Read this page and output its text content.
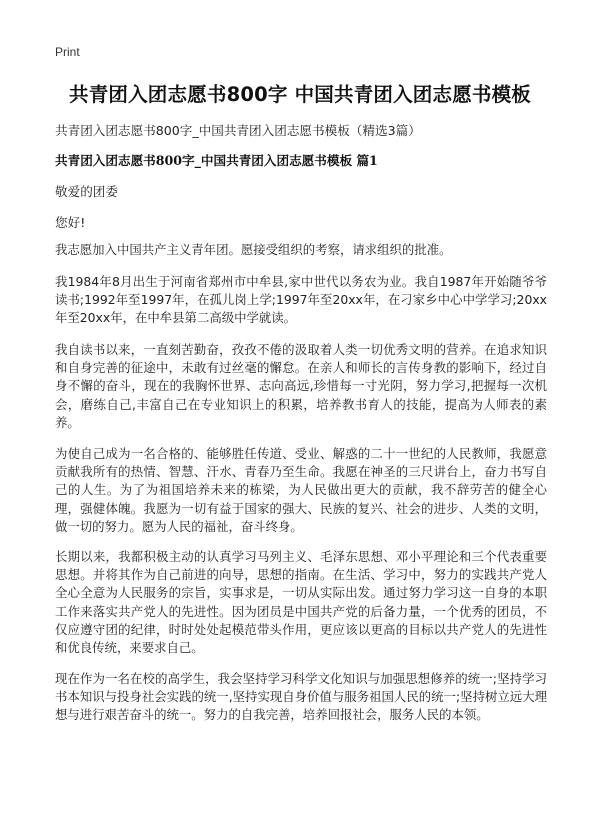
Print
共青团入团志愿书800字 中国共青团入团志愿书模板
共青团入团志愿书800字_中国共青团入团志愿书模板（精选3篇）
共青团入团志愿书800字_中国共青团入团志愿书模板 篇1
敬爱的团委
您好!

我志愿加入中国共产主义青年团。愿接受组织的考察，请求组织的批准。

我1984年8月出生于河南省郑州市中牟县,家中世代以务农为业。我自1987年开始随爷爷读书;1992年至1997年，在孤儿岗上学;1997年至20xx年，在刁家乡中心中学学习;20xx年至20xx年，在中牟县第二高级中学就读。

我自读书以来，一直刻苦勤奋，孜孜不倦的汲取着人类一切优秀文明的营养。在追求知识和自身完善的征途中，未敢有过丝毫的懈怠。在亲人和师长的言传身教的影响下，经过自身不懈的奋斗，现在的我胸怀世界、志向高远,珍惜每一寸光阴，努力学习,把握每一次机会，磨练自己,丰富自己在专业知识上的积累，培养教书育人的技能，提高为人师表的素养。

为使自己成为一名合格的、能够胜任传道、受业、解惑的二十一世纪的人民教师，我愿意贡献我所有的热情、智慧、汗水、青春乃至生命。我愿在神圣的三尺讲台上，奋力书写自己的人生。为了为祖国培养未来的栋梁，为人民做出更大的贡献，我不辞劳苦的健全心理，强健体魄。我愿为一切有益于国家的强大、民族的复兴、社会的进步、人类的文明，做一切的努力。愿为人民的福祉，奋斗终身。

长期以来，我都积极主动的认真学习马列主义、毛泽东思想、邓小平理论和三个代表重要思想。并将其作为自己前进的向导，思想的指南。在生活、学习中，努力的实践共产党人全心全意为人民服务的宗旨，实事求是，一切从实际出发。通过努力学习这一自身的本职工作来落实共产党人的先进性。因为团员是中国共产党的后备力量，一个优秀的团员，不仅应遵守团的纪律，时时处处起模范带头作用，更应该以更高的目标以共产党人的先进性和优良传统，来要求自己。

现在作为一名在校的高学生，我会坚持学习科学文化知识与加强思想修养的统一;坚持学习书本知识与投身社会实践的统一,坚持实现自身价值与服务祖国人民的统一;坚持树立远大理想与进行艰苦奋斗的统一。努力的自我完善，培养回报社会，服务人民的本领。
